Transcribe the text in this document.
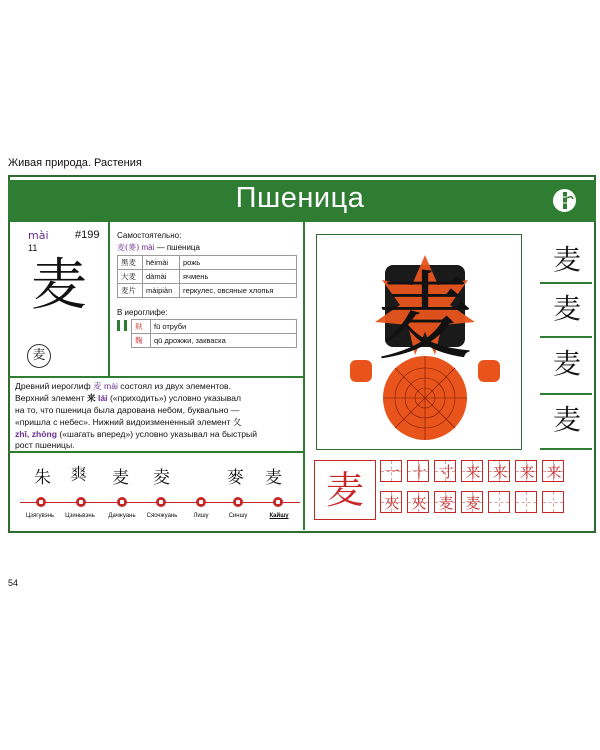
Живая природа. Растения
Пшеница
mài #199
11
麦
麦
Самостоятельно:
麦(麥) mài — пшеница
黑麦	hēimài	рожь
大麦	dàmài	ячмень
麦片	màipiàn	геркулес, овсяные хлопья
В иероглифе:
麸	fū отруби
麴	qū дрожжи, закваска
Древний иероглиф 麦 mài состоял из двух элементов.
Верхний элемент 来 lái («приходить») условно указывал
на то, что пшеница была дарована небом, буквально —
«пришла с небес». Нижний видоизмененный элемент 夂
zhǐ, zhōng («шагать вперед») условно указывал на быстрый
рост пшеницы.
朱 𤕤 麦 夌	麥 麦
Цзягувэнь	Цзиньвэнь	Дачжуань	Сяочжуань	Лишу	Синшу	Кайшу
麦
麦
麦
麦
麦
麦	一 十 寸 来 来 来 来
夾 夾 麦 麦
54
